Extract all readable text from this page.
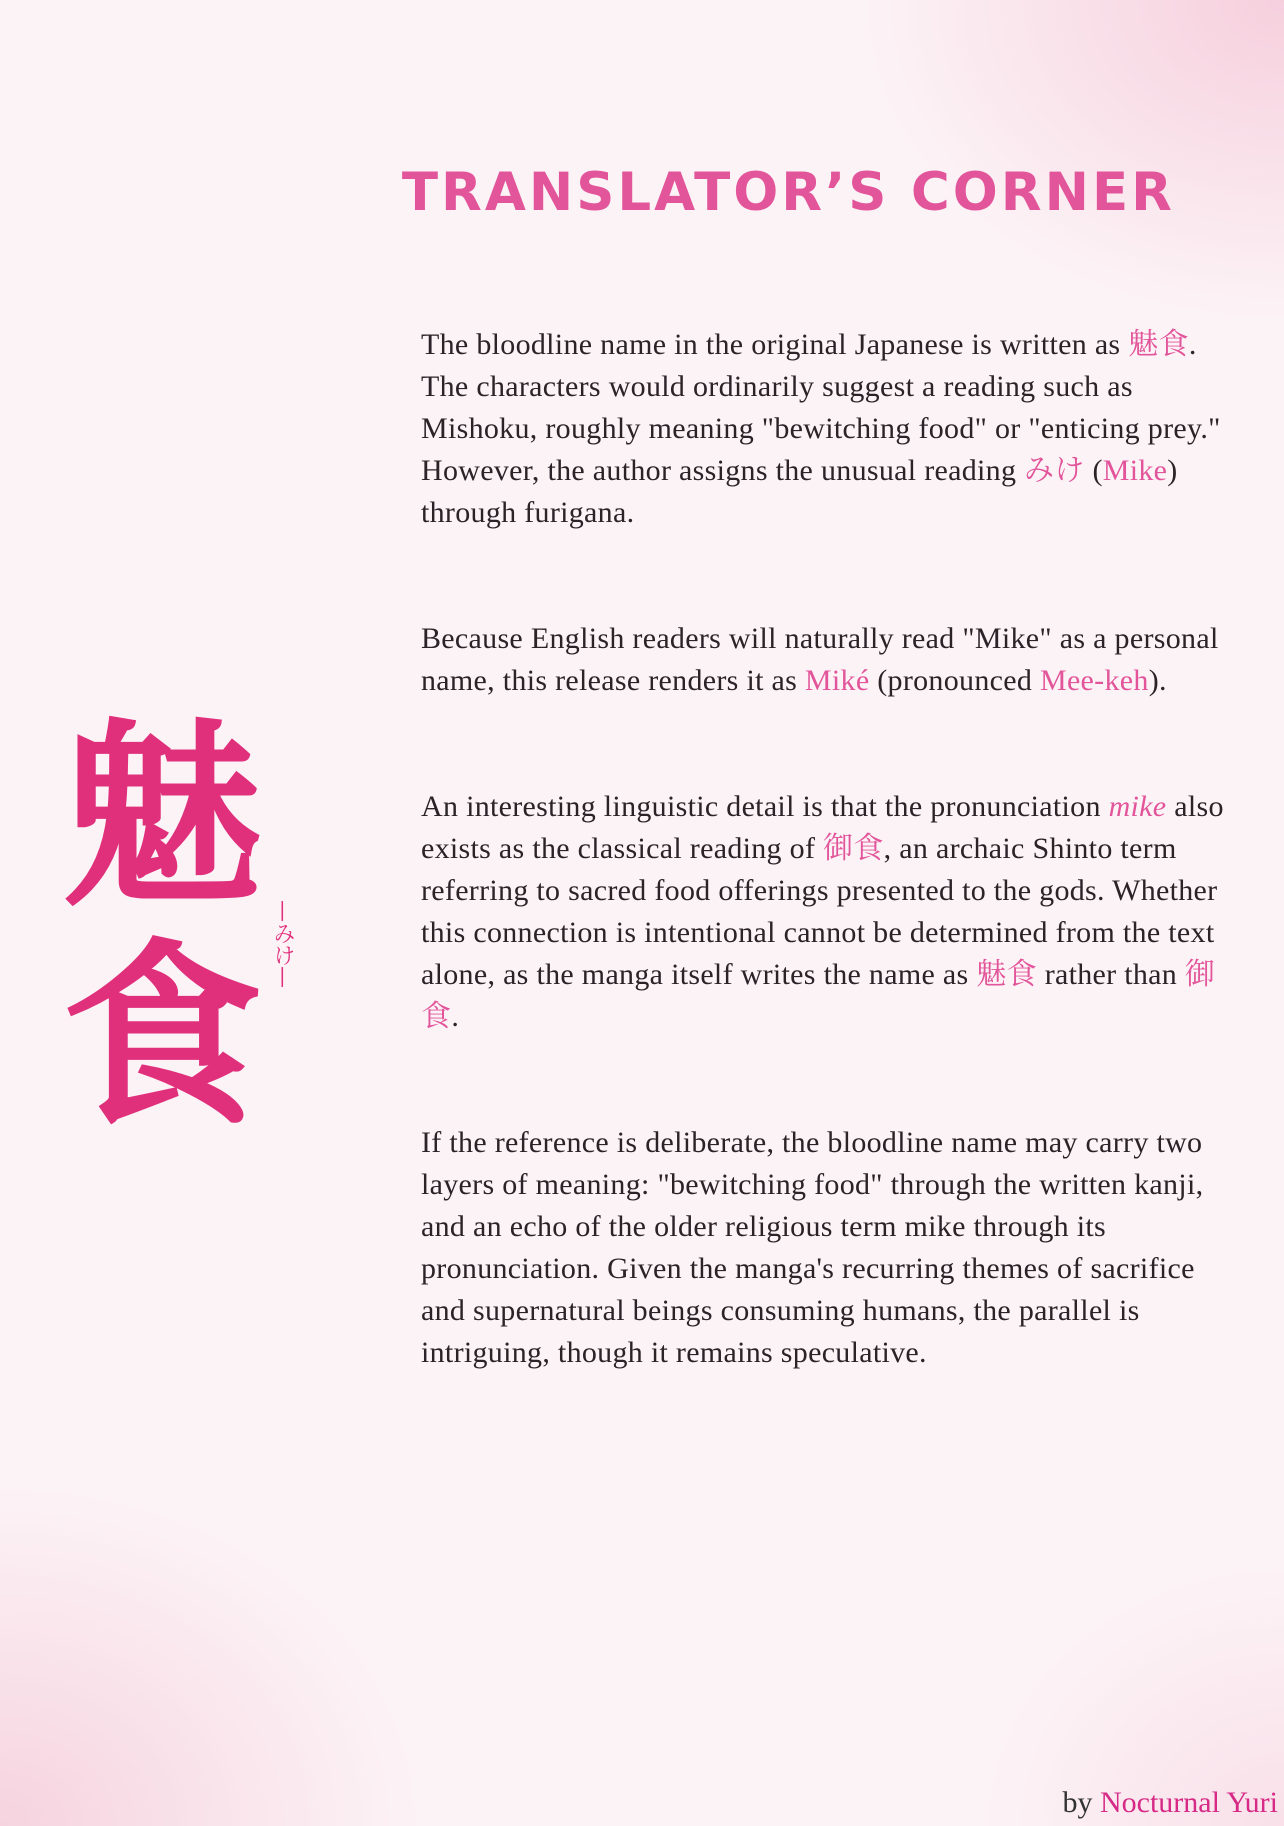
TRANSLATOR’S CORNER
魅
食 —みけ—

The bloodline name in the original Japanese is written as 魅食. The characters would ordinarily suggest a reading such as Mishoku, roughly meaning "bewitching food" or "enticing prey." However, the author assigns the unusual reading みけ (Mike) through furigana.

Because English readers will naturally read "Mike" as a personal name, this release renders it as Miké (pronounced Mee-keh).

An interesting linguistic detail is that the pronunciation mike also exists as the classical reading of 御食, an archaic Shinto term referring to sacred food offerings presented to the gods. Whether this connection is intentional cannot be determined from the text alone, as the manga itself writes the name as 魅食 rather than 御食.

If the reference is deliberate, the bloodline name may carry two layers of meaning: "bewitching food" through the written kanji, and an echo of the older religious term mike through its pronunciation. Given the manga's recurring themes of sacrifice and supernatural beings consuming humans, the parallel is intriguing, though it remains speculative.

by Nocturnal Yuri
